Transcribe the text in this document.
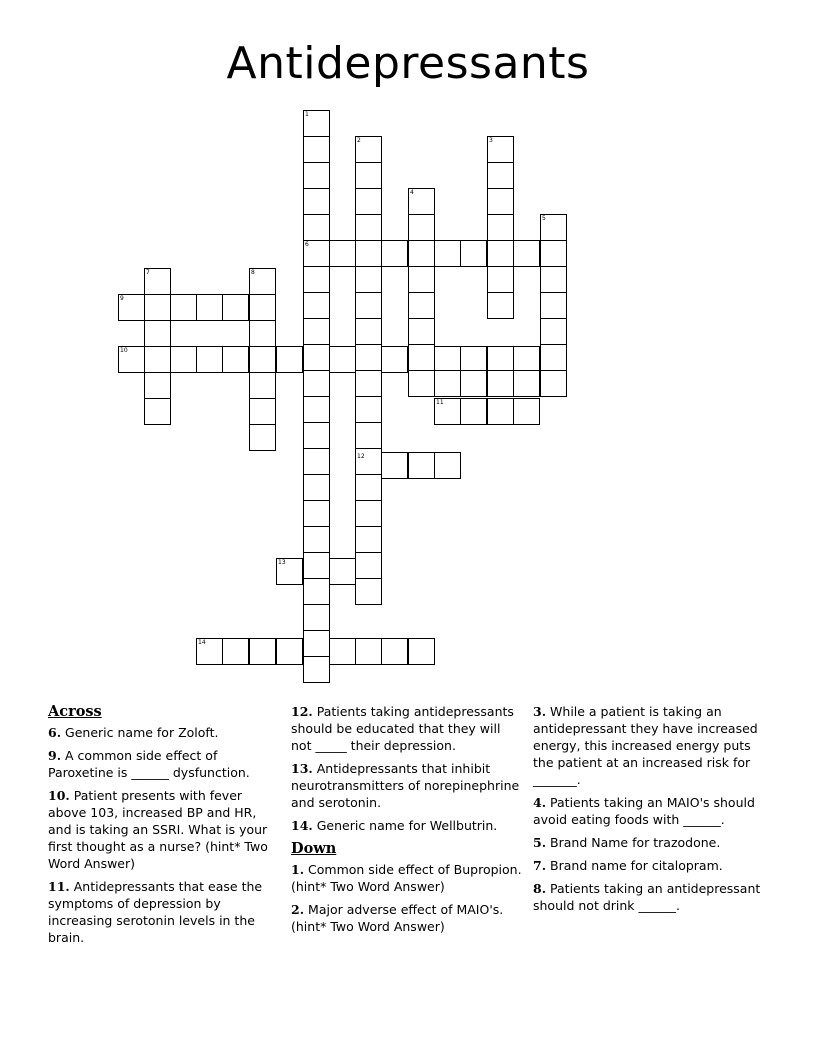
Antidepressants
1
2	3
4
5
6
7	8
9
10
11
12
13
14
Across
6. Generic name for Zoloft.
9. A common side effect of Paroxetine is ______ dysfunction.
10. Patient presents with fever above 103, increased BP and HR, and is taking an SSRI. What is your first thought as a nurse? (hint* Two Word Answer)
11. Antidepressants that ease the symptoms of depression by increasing serotonin levels in the brain.
12. Patients taking antidepressants should be educated that they will not _____ their depression.
13. Antidepressants that inhibit neurotransmitters of norepinephrine and serotonin.
14. Generic name for Wellbutrin.
Down
1. Common side effect of Bupropion. (hint* Two Word Answer)
2. Major adverse effect of MAIO's. (hint* Two Word Answer)
3. While a patient is taking an antidepressant they have increased energy, this increased energy puts the patient at an increased risk for _______.
4. Patients taking an MAIO's should avoid eating foods with ______.
5. Brand Name for trazodone.
7. Brand name for citalopram.
8. Patients taking an antidepressant should not drink ______.
